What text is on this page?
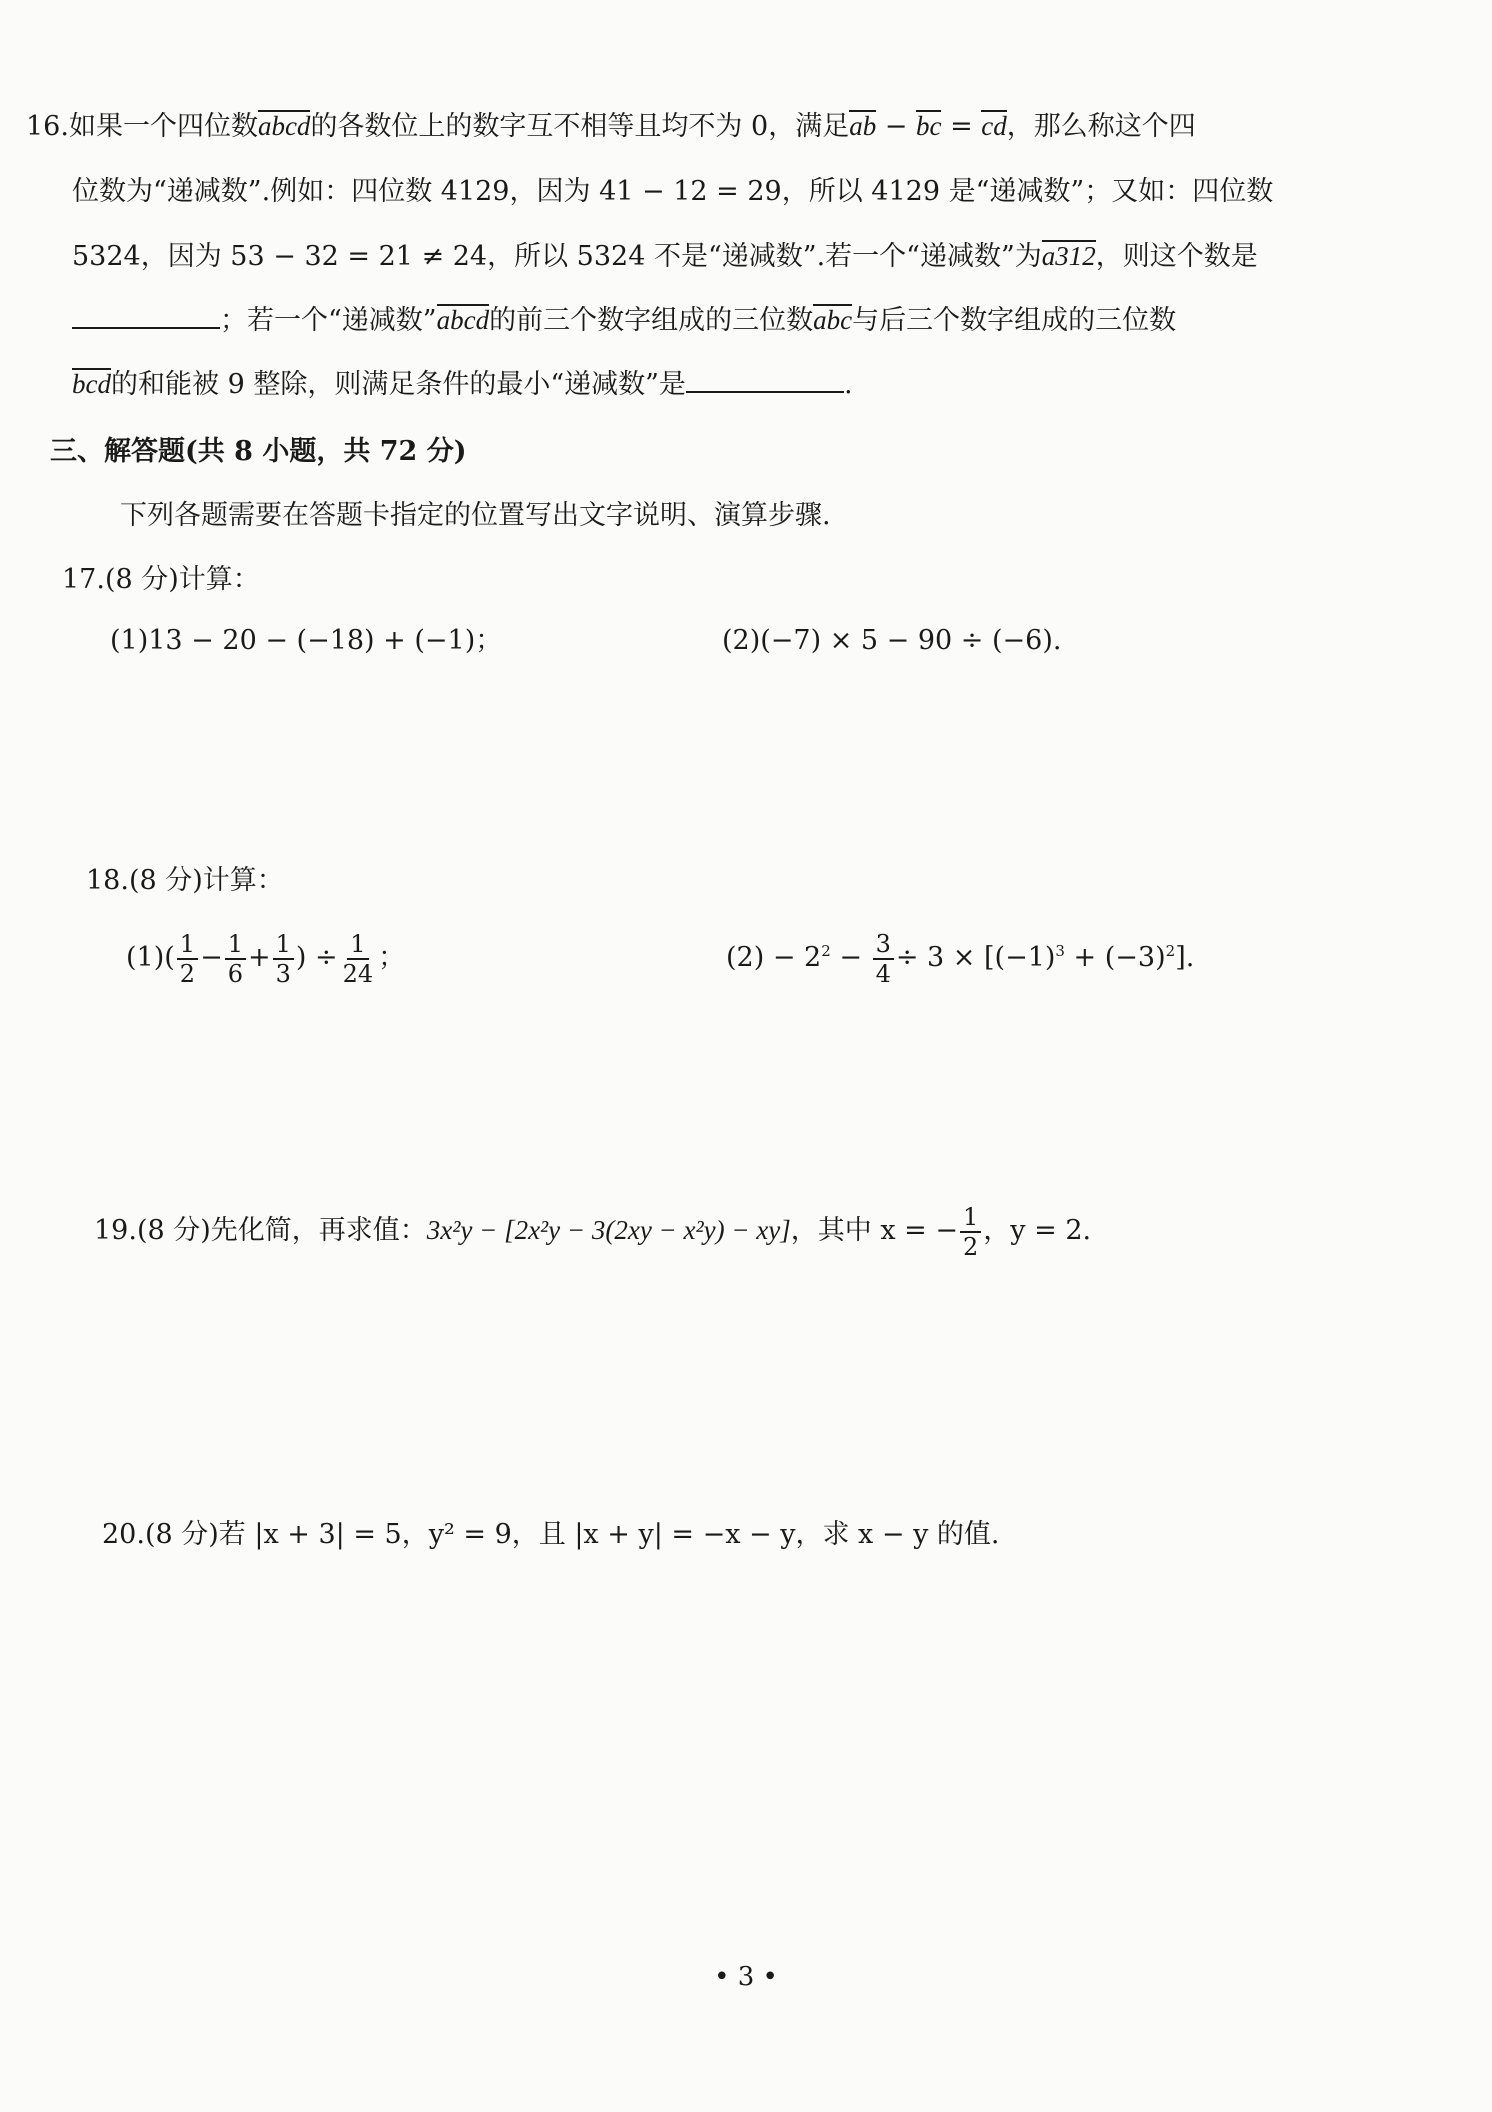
16.如果一个四位数abcd的各数位上的数字互不相等且均不为 0，满足ab − bc = cd，那么称这个四
位数为“递减数”.例如：四位数 4129，因为 41 − 12 = 29，所以 4129 是“递减数”；又如：四位数
5324，因为 53 − 32 = 21 ≠ 24，所以 5324 不是“递减数”.若一个“递减数”为a312，则这个数是
；若一个“递减数”abcd的前三个数字组成的三位数abc与后三个数字组成的三位数
bcd的和能被 9 整除，则满足条件的最小“递减数”是	.
三、解答题(共 8 小题，共 72 分)
下列各题需要在答题卡指定的位置写出文字说明、演算步骤.
17.(8 分)计算：
(1)13 − 20 − (−18) + (−1)；	(2)(−7) × 5 − 90 ÷ (−6).
18.(8 分)计算：
$(1)( \frac{1}{2} - \frac{1}{6} + \frac{1}{3}$ ) ÷ $\frac{1}{24}$ ；	$(2) - 2^2 - \frac{3}{4} \div 3 \times [(-1)^3 + (-3)^2]$.
19.(8 分)先化简，再求值：3x²y − [2x²y − 3(2xy − x²y) − xy]，其中 x = − $\frac{1}{2}$ ，y = 2.
20.(8 分)若 |x + 3| = 5，y² = 9，且 |x + y| = −x − y，求 x − y 的值.
• 3 •
